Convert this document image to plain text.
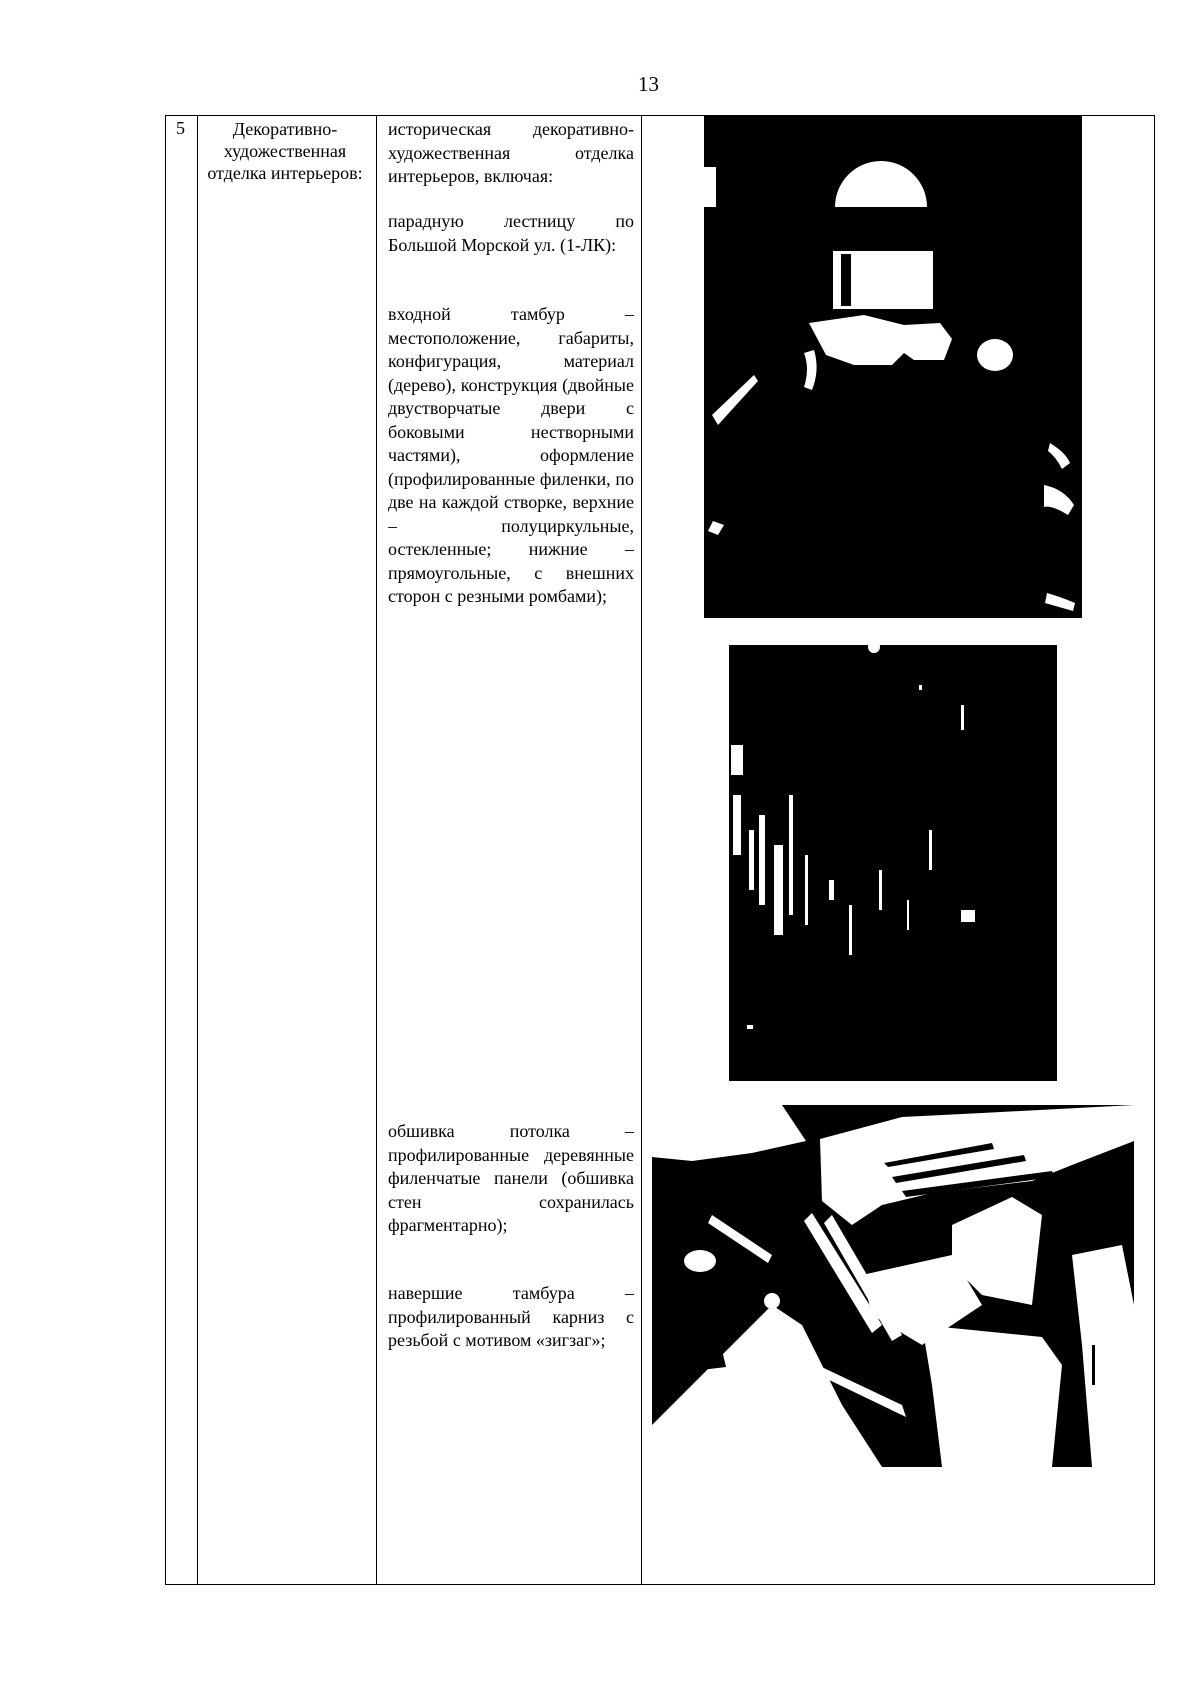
13
5	Декоративно-художественная отделка интерьеров:

историческая декоративно-художественная отделка интерьеров, включая:

парадную лестницу по Большой Морской ул. (1-ЛК):

входной тамбур – местоположение, габариты, конфигурация, материал (дерево), конструкция (двойные двустворчатые двери с боковыми нестворными частями), оформление (профилированные филенки, по две на каждой створке, верхние – полуциркульные, остекленные; нижние – прямоугольные, с внешних сторон с резными ромбами);

обшивка потолка – профилированные деревянные филенчатые панели (обшивка стен сохранилась фрагментарно);

навершие тамбура – профилированный карниз с резьбой с мотивом «зигзаг»;
